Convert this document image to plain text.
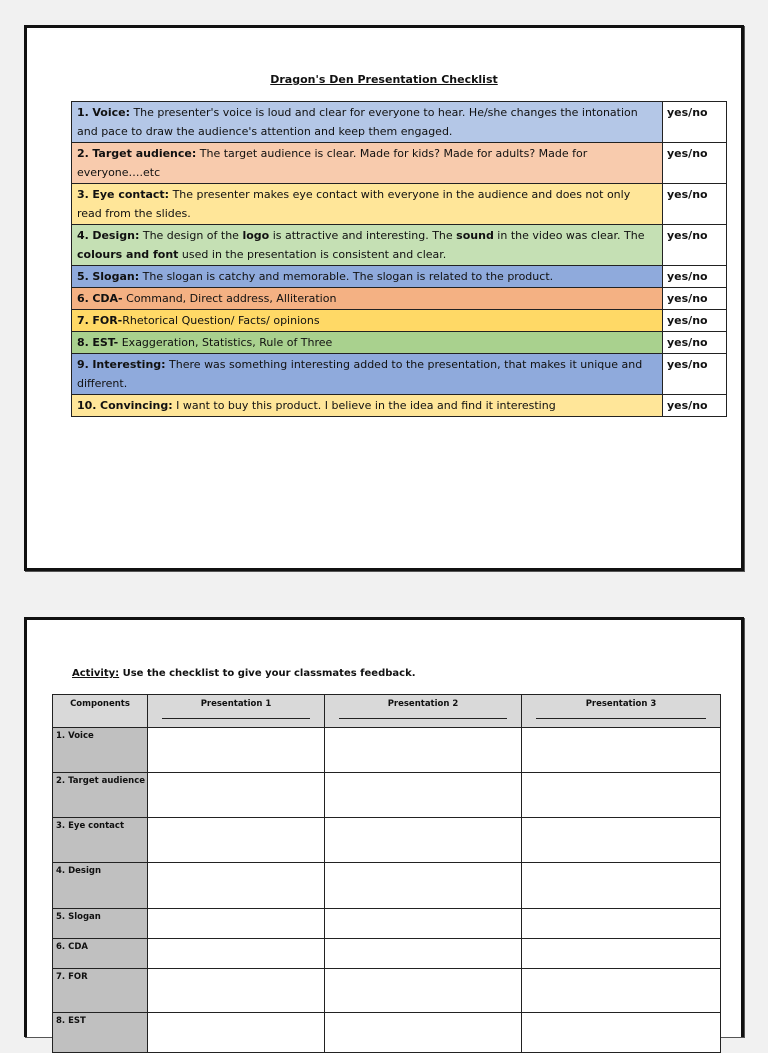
Dragon's Den Presentation Checklist
1. Voice: The presenter's voice is loud and clear for everyone to hear. He/she changes the intonation and pace to draw the audience's attention and keep them engaged.	yes/no
2. Target audience: The target audience is clear. Made for kids? Made for adults? Made for everyone….etc	yes/no
3. Eye contact: The presenter makes eye contact with everyone in the audience and does not only read from the slides.	yes/no
4. Design: The design of the logo is attractive and interesting. The sound in the video was clear. The colours and font used in the presentation is consistent and clear.	yes/no
5. Slogan: The slogan is catchy and memorable. The slogan is related to the product.	yes/no
6. CDA- Command, Direct address, Alliteration	yes/no
7. FOR-Rhetorical Question/ Facts/ opinions	yes/no
8. EST- Exaggeration, Statistics, Rule of Three	yes/no
9. Interesting: There was something interesting added to the presentation, that makes it unique and different.	yes/no
10. Convincing: I want to buy this product. I believe in the idea and find it interesting	yes/no
Activity: Use the checklist to give your classmates feedback.
Components	Presentation 1	Presentation 2	Presentation 3

1. Voice			
2. Target audience			
3. Eye contact			
4. Design			
5. Slogan			
6. CDA			
7. FOR			
8. EST			
